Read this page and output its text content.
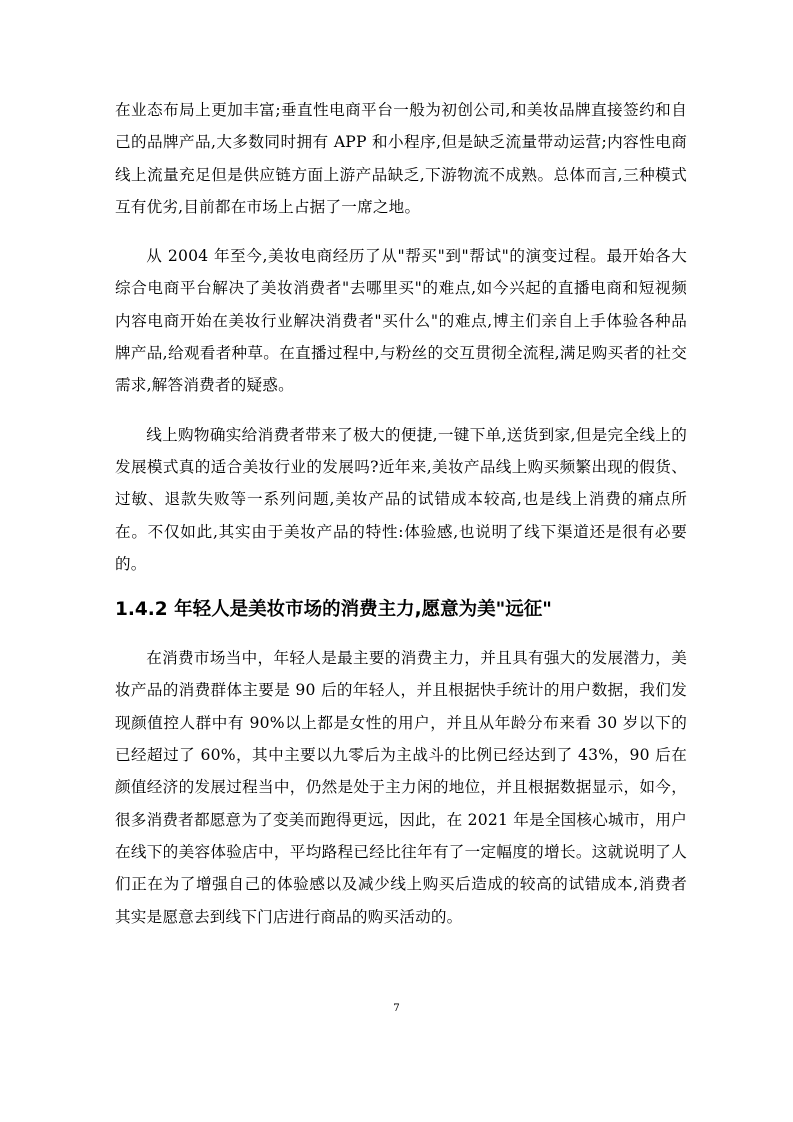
在业态布局上更加丰富;垂直性电商平台一般为初创公司,和美妆品牌直接签约和自己的品牌产品,大多数同时拥有 APP 和小程序,但是缺乏流量带动运营;内容性电商线上流量充足但是供应链方面上游产品缺乏,下游物流不成熟。总体而言,三种模式互有优劣,目前都在市场上占据了一席之地。

从 2004 年至今,美妆电商经历了从"帮买"到"帮试"的演变过程。最开始各大综合电商平台解决了美妆消费者"去哪里买"的难点,如今兴起的直播电商和短视频内容电商开始在美妆行业解决消费者"买什么"的难点,博主们亲自上手体验各种品牌产品,给观看者种草。在直播过程中,与粉丝的交互贯彻全流程,满足购买者的社交需求,解答消费者的疑惑。

线上购物确实给消费者带来了极大的便捷,一键下单,送货到家,但是完全线上的发展模式真的适合美妆行业的发展吗?近年来,美妆产品线上购买频繁出现的假货、过敏、退款失败等一系列问题,美妆产品的试错成本较高,也是线上消费的痛点所在。不仅如此,其实由于美妆产品的特性:体验感,也说明了线下渠道还是很有必要的。

1.4.2 年轻人是美妆市场的消费主力,愿意为美"远征"

在消费市场当中，年轻人是最主要的消费主力，并且具有强大的发展潜力，美妆产品的消费群体主要是 90 后的年轻人，并且根据快手统计的用户数据，我们发现颜值控人群中有 90%以上都是女性的用户，并且从年龄分布来看 30 岁以下的已经超过了 60%，其中主要以九零后为主战斗的比例已经达到了 43%，90 后在颜值经济的发展过程当中，仍然是处于主力闲的地位，并且根据数据显示，如今，很多消费者都愿意为了变美而跑得更远，因此，在 2021 年是全国核心城市，用户在线下的美容体验店中，平均路程已经比往年有了一定幅度的增长。这就说明了人们正在为了增强自己的体验感以及减少线上购买后造成的较高的试错成本,消费者其实是愿意去到线下门店进行商品的购买活动的。

7
